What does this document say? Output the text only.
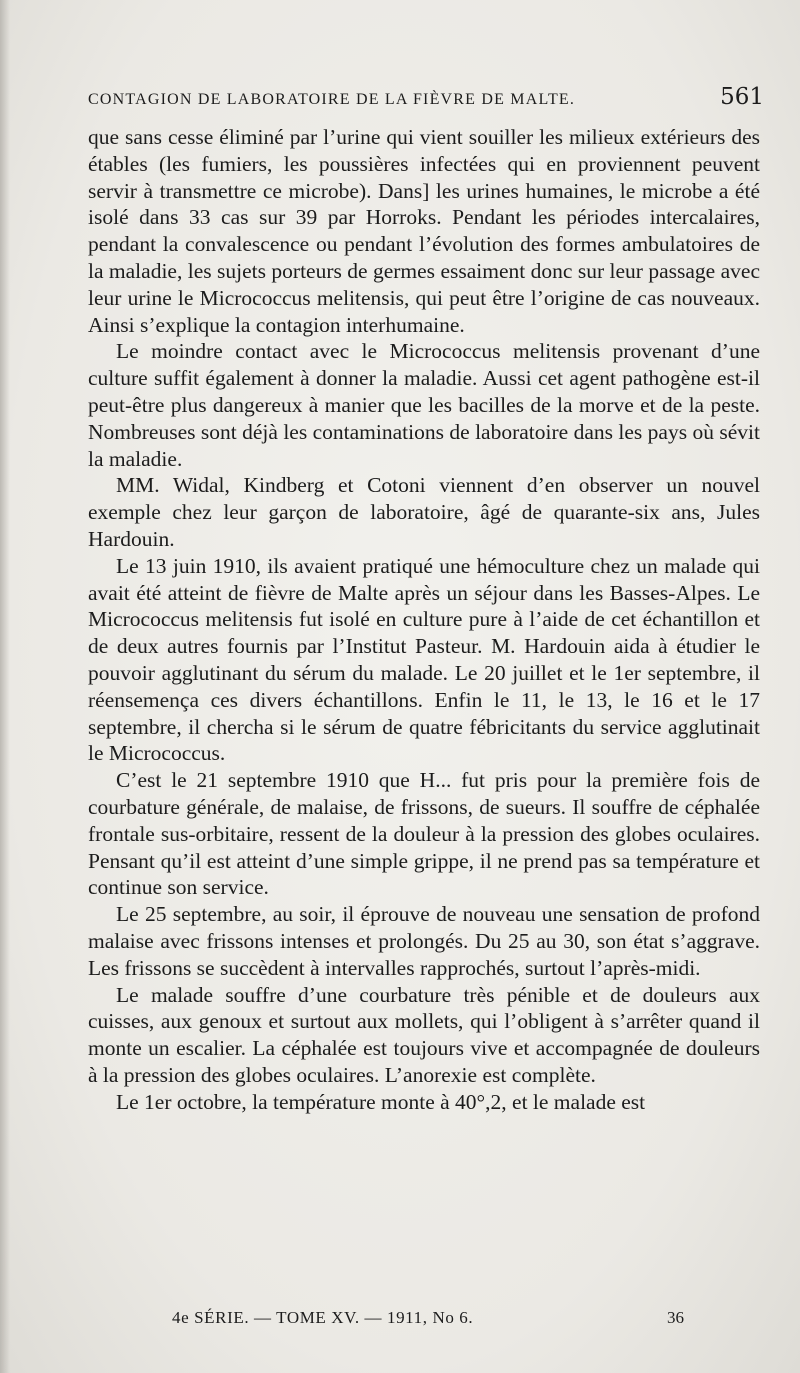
CONTAGION DE LABORATOIRE DE LA FIÈVRE DE MALTE.	561

que sans cesse éliminé par l’urine qui vient souiller les milieux extérieurs des étables (les fumiers, les poussières infectées qui en proviennent peuvent servir à transmettre ce microbe). Dans] les urines humaines, le microbe a été isolé dans 33 cas sur 39 par Horroks. Pendant les périodes intercalaires, pendant la convalescence ou pendant l’évolution des formes ambulatoires de la maladie, les sujets porteurs de germes essaiment donc sur leur passage avec leur urine le Micrococcus melitensis, qui peut être l’origine de cas nouveaux. Ainsi s’explique la contagion interhumaine.

Le moindre contact avec le Micrococcus melitensis provenant d’une culture suffit également à donner la maladie. Aussi cet agent pathogène est-il peut-être plus dangereux à manier que les bacilles de la morve et de la peste. Nombreuses sont déjà les contaminations de laboratoire dans les pays où sévit la maladie.

MM. Widal, Kindberg et Cotoni viennent d’en observer un nouvel exemple chez leur garçon de laboratoire, âgé de quarante-six ans, Jules Hardouin.

Le 13 juin 1910, ils avaient pratiqué une hémoculture chez un malade qui avait été atteint de fièvre de Malte après un séjour dans les Basses-Alpes. Le Micrococcus melitensis fut isolé en culture pure à l’aide de cet échantillon et de deux autres fournis par l’Institut Pasteur. M. Hardouin aida à étudier le pouvoir agglutinant du sérum du malade. Le 20 juillet et le 1er septembre, il réensemença ces divers échantillons. Enfin le 11, le 13, le 16 et le 17 septembre, il chercha si le sérum de quatre fébricitants du service agglutinait le Micrococcus.

C’est le 21 septembre 1910 que H... fut pris pour la première fois de courbature générale, de malaise, de frissons, de sueurs. Il souffre de céphalée frontale sus-orbitaire, ressent de la douleur à la pression des globes oculaires. Pensant qu’il est atteint d’une simple grippe, il ne prend pas sa température et continue son service.

Le 25 septembre, au soir, il éprouve de nouveau une sensation de profond malaise avec frissons intenses et prolongés. Du 25 au 30, son état s’aggrave. Les frissons se succèdent à intervalles rapprochés, surtout l’après-midi.

Le malade souffre d’une courbature très pénible et de douleurs aux cuisses, aux genoux et surtout aux mollets, qui l’obligent à s’arrêter quand il monte un escalier. La céphalée est toujours vive et accompagnée de douleurs à la pression des globes oculaires. L’anorexie est complète.

Le 1er octobre, la température monte à 40°,2, et le malade est

4e SÉRIE. — TOME XV. — 1911, No 6.	36
